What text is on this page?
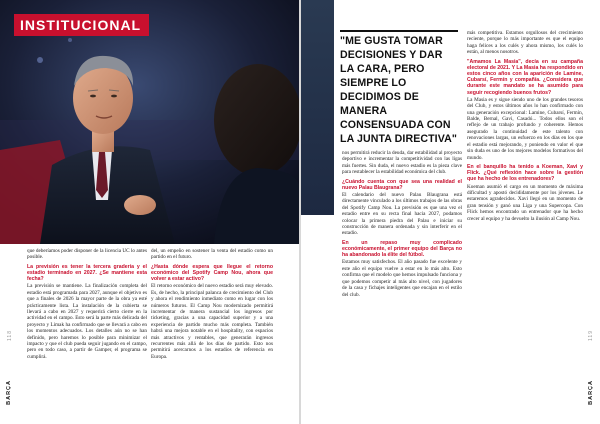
INSTITUCIONAL

que deberíamos poder disponer de la licencia UC lo antes posible.

La previsión es tener la tercera gradería y el estadio terminado en 2027. ¿Se mantiene esta fecha?

La previsión se mantiene. La finalización completa del estadio está programada para 2027, aunque el objetivo es que a finales de 2026 la mayor parte de la obra ya esté prácticamente lista. La instalación de la cubierta se llevará a cabo en 2027 y requerirá cierto cierre en la actividad en el campo. Esto será la parte más delicada del proyecto y Limak ha confirmado que se llevará a cabo en los momentos adecuados. Los detalles aún no se han definido, pero haremos lo posible para minimizar el impacto y que el club pueda seguir jugando en el campo, pero en todo caso, a partir de Gamper, el programa se cumplirá.

del, un empeño en sostener la venta del estadio como un partido en el futuro.

¿Hasta dónde espera que llegue el retorno económico del Spotify Camp Nou, ahora que volver a estar activo?

El retorno económico del nuevo estadio será muy elevado. Es, de hecho, la principal palanca de crecimiento del Club y ahora el rendimiento inmediato como en lugar con los números futuros. El Camp Nou modernizado permitirá incrementar de manera sustancial los ingresos por ticketing, gracias a una capacidad superior y a una experiencia de partido mucho más completa. También habrá una mejora notable en el hospitality, con espacios más atractivos y rentables, que generarán ingresos recurrentes más allá de los días de partido. Esto nos permitirá acercarnos a los estadios de referencia en Europa.

118
BARÇA
"ME GUSTA TOMAR DECISIONES Y DAR LA CARA, PERO SIEMPRE LO DECIDIMOS DE MANERA CONSENSUADA CON LA JUNTA DIRECTIVA"

nos permitirá reducir la deuda, dar estabilidad al proyecto deportivo e incrementar la competitividad con las ligas más fuertes. Sin duda, el nuevo estadio es la pieza clave para restablecer la estabilidad económica del club.

¿Cuándo cuenta con que sea una realidad el nuevo Palau Blaugrana?

El calendario del nuevo Palau Blaugrana está directamente vinculado a los últimos trabajos de las obras del Spotify Camp Nou. La previsión es que una vez el estadio entre en su recta final hacia 2027, podamos colocar la primera piedra del Palau e iniciar su construcción de manera ordenada y sin interferir en el estadio.

En un repaso muy complicado económicamente, el primer equipo del Barça no ha abandonado la élite del fútbol.

Estamos muy satisfechos. El año pasado fue excelente y este año el equipo vuelve a estar en lo más alto. Esto confirma que el modelo que hemos impulsado funciona y que podemos competir al más alto nivel, con jugadores de la casa y fichajes inteligentes que encajan en el estilo del club.

más competitiva. Estamos orgullosos del crecimiento reciente, porque lo más importante es que el equipo haga felices a los culés y ahora mismo, los culés lo están, al menos nosotros.

"Amamos La Masia", decía en su campaña electoral de 2021. Y La Masia ha respondido en estos cinco años con la aparición de Lamine, Cubarsí, Fermín y compañía. ¿Considera que durante este mandato se ha asumido para seguir recogiendo buenos frutos?

La Masia es y sigue siendo uno de los grandes tesoros del Club, y estos últimos años lo han confirmado con una generación excepcional: Lamine, Cubarsí, Fermín, Balde, Bernal, Gavi, Casadó... Todos ellos son el reflejo de un trabajo profundo y coherente. Hemos asegurado la continuidad de este talento con renovaciones largas, un esfuerzo en los días en los que el estadio está mejorando, y poniendo en valor el que sin duda es uno de los mejores modelos formativos del mundo.

En el banquillo ha tenido a Koeman, Xavi y Flick. ¿Qué reflexión hace sobre la gestión que ha hecho de los entrenadores?

Koeman asumió el cargo en un momento de máxima dificultad y apostó decididamente por los jóvenes. Le estaremos agradecidos. Xavi llegó en un momento de gran tensión y ganó una Liga y una Supercopa. Con Flick hemos encontrado un entrenador que ha hecho crecer al equipo y ha devuelto la ilusión al Camp Nou.

119
BARÇA
